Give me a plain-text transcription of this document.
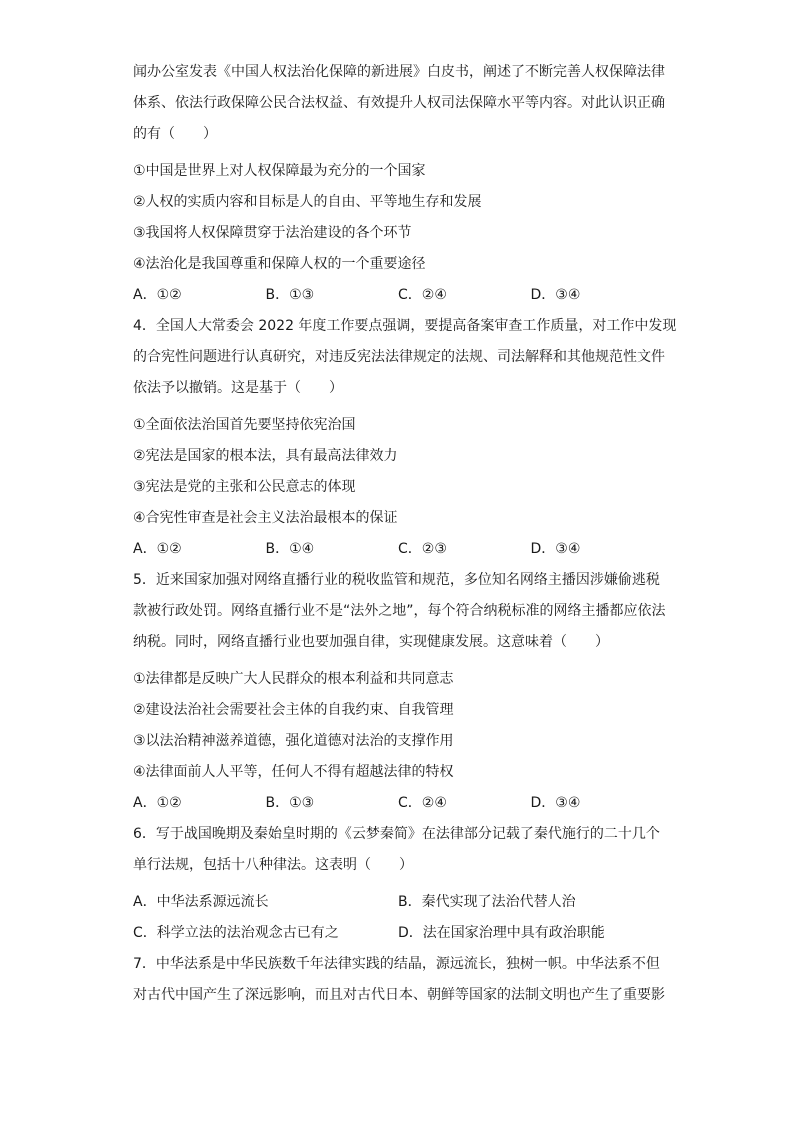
闻办公室发表《中国人权法治化保障的新进展》白皮书，阐述了不断完善人权保障法律
体系、依法行政保障公民合法权益、有效提升人权司法保障水平等内容。对此认识正确
的有（　　）
①中国是世界上对人权保障最为充分的一个国家
②人权的实质内容和目标是人的自由、平等地生存和发展
③我国将人权保障贯穿于法治建设的各个环节
④法治化是我国尊重和保障人权的一个重要途径
A．①②	B．①③	C．②④	D．③④
4．全国人大常委会 2022 年度工作要点强调，要提高备案审查工作质量，对工作中发现
的合宪性问题进行认真研究，对违反宪法法律规定的法规、司法解释和其他规范性文件
依法予以撤销。这是基于（　　）
①全面依法治国首先要坚持依宪治国
②宪法是国家的根本法，具有最高法律效力
③宪法是党的主张和公民意志的体现
④合宪性审查是社会主义法治最根本的保证
A．①②	B．①④	C．②③	D．③④
5．近来国家加强对网络直播行业的税收监管和规范，多位知名网络主播因涉嫌偷逃税
款被行政处罚。网络直播行业不是“法外之地”，每个符合纳税标准的网络主播都应依法
纳税。同时，网络直播行业也要加强自律，实现健康发展。这意味着（　　）
①法律都是反映广大人民群众的根本利益和共同意志
②建设法治社会需要社会主体的自我约束、自我管理
③以法治精神滋养道德，强化道德对法治的支撑作用
④法律面前人人平等，任何人不得有超越法律的特权
A．①②	B．①③	C．②④	D．③④
6．写于战国晚期及秦始皇时期的《云梦秦简》在法律部分记载了秦代施行的二十几个
单行法规，包括十八种律法。这表明（　　）
A．中华法系源远流长	B．秦代实现了法治代替人治
C．科学立法的法治观念古已有之	D．法在国家治理中具有政治职能
7．中华法系是中华民族数千年法律实践的结晶，源远流长，独树一帜。中华法系不但
对古代中国产生了深远影响，而且对古代日本、朝鲜等国家的法制文明也产生了重要影
